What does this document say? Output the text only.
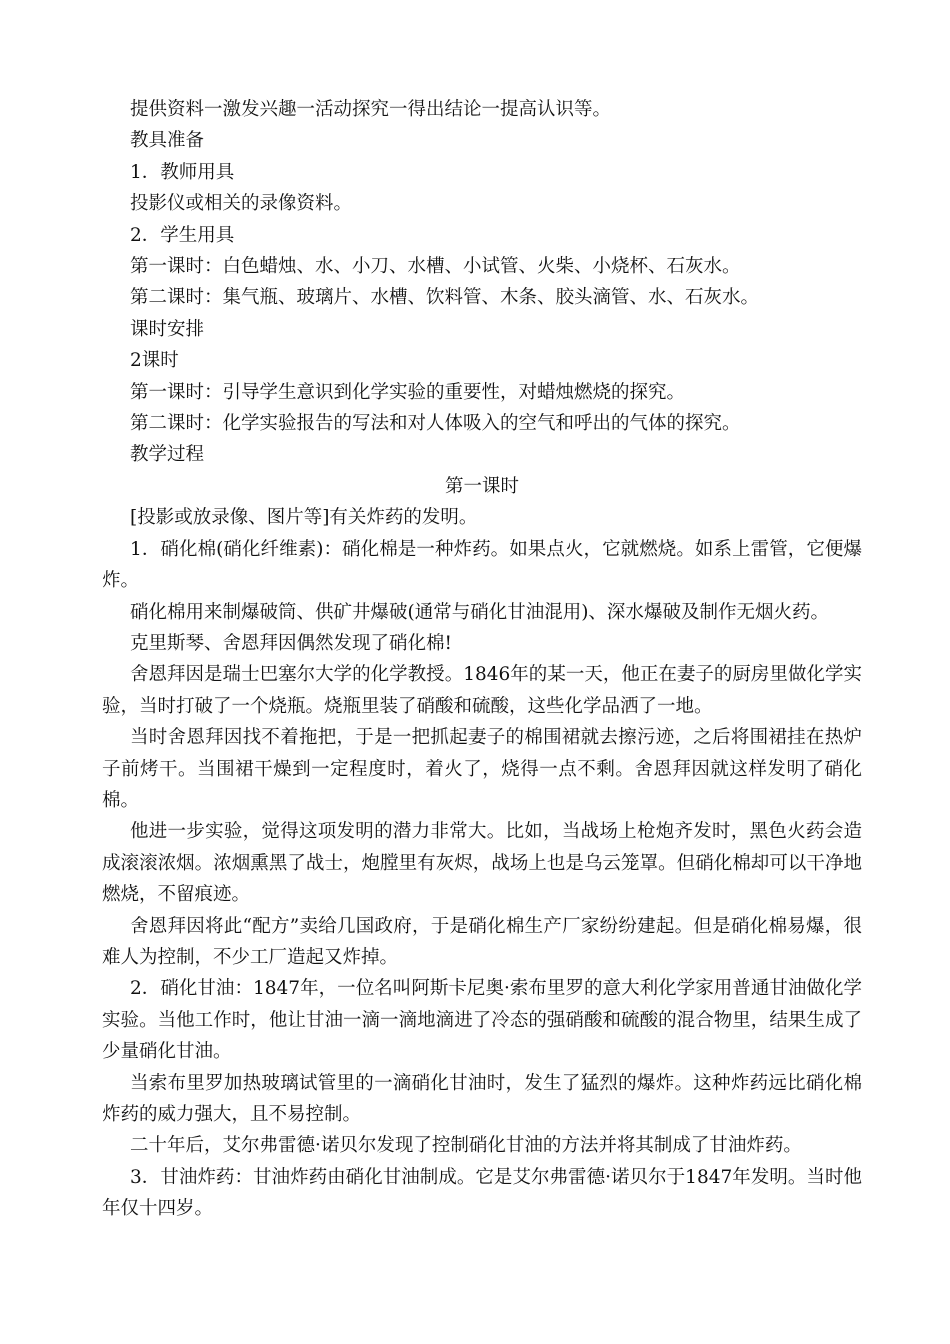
提供资料一激发兴趣一活动探究一得出结论一提高认识等。

教具准备

1．教师用具

投影仪或相关的录像资料。

2．学生用具

第一课时：白色蜡烛、水、小刀、水槽、小试管、火柴、小烧杯、石灰水。

第二课时：集气瓶、玻璃片、水槽、饮料管、木条、胶头滴管、水、石灰水。

课时安排

2课时

第一课时：引导学生意识到化学实验的重要性，对蜡烛燃烧的探究。

第二课时：化学实验报告的写法和对人体吸入的空气和呼出的气体的探究。

教学过程

第一课时

[投影或放录像、图片等]有关炸药的发明。

1．硝化棉(硝化纤维素)：硝化棉是一种炸药。如果点火，它就燃烧。如系上雷管，它便爆炸。

硝化棉用来制爆破筒、供矿井爆破(通常与硝化甘油混用)、深水爆破及制作无烟火药。

克里斯琴、舍恩拜因偶然发现了硝化棉!

舍恩拜因是瑞士巴塞尔大学的化学教授。1846年的某一天，他正在妻子的厨房里做化学实验，当时打破了一个烧瓶。烧瓶里装了硝酸和硫酸，这些化学品洒了一地。

当时舍恩拜因找不着拖把，于是一把抓起妻子的棉围裙就去擦污迹，之后将围裙挂在热炉子前烤干。当围裙干燥到一定程度时，着火了，烧得一点不剩。舍恩拜因就这样发明了硝化棉。

他进一步实验，觉得这项发明的潜力非常大。比如，当战场上枪炮齐发时，黑色火药会造成滚滚浓烟。浓烟熏黑了战士，炮膛里有灰烬，战场上也是乌云笼罩。但硝化棉却可以干净地燃烧，不留痕迹。

舍恩拜因将此“配方”卖给几国政府，于是硝化棉生产厂家纷纷建起。但是硝化棉易爆，很难人为控制，不少工厂造起又炸掉。

2．硝化甘油：1847年，一位名叫阿斯卡尼奥·索布里罗的意大利化学家用普通甘油做化学实验。当他工作时，他让甘油一滴一滴地滴进了冷态的强硝酸和硫酸的混合物里，结果生成了少量硝化甘油。

当索布里罗加热玻璃试管里的一滴硝化甘油时，发生了猛烈的爆炸。这种炸药远比硝化棉炸药的威力强大，且不易控制。

二十年后，艾尔弗雷德·诺贝尔发现了控制硝化甘油的方法并将其制成了甘油炸药。

3．甘油炸药：甘油炸药由硝化甘油制成。它是艾尔弗雷德·诺贝尔于1847年发明。当时他年仅十四岁。
